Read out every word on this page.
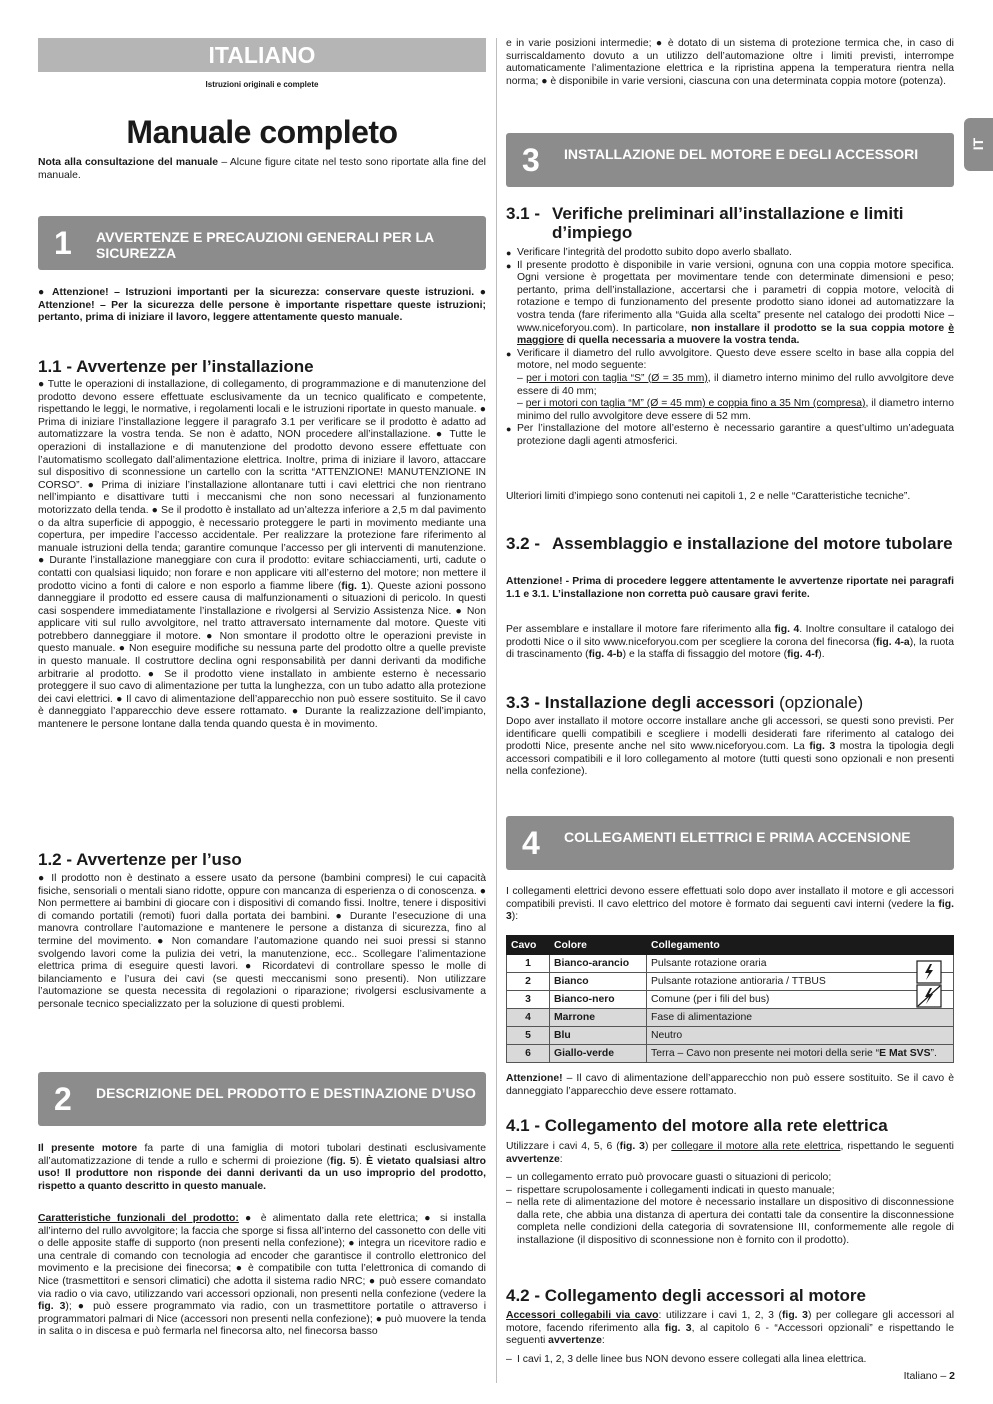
ITALIANO
Istruzioni originali e complete
Manuale completo	IT

Nota alla consultazione del manuale – Alcune figure citate nel testo sono riportate alla fine del manuale.

1 AVVERTENZE E PRECAUZIONI GENERALI PER LA SICUREZZA

● Attenzione! – Istruzioni importanti per la sicurezza: conservare queste istruzioni. ● Attenzione! – Per la sicurezza delle persone è importante rispettare queste istruzioni; pertanto, prima di iniziare il lavoro, leggere attentamente questo manuale.

1.1 - Avvertenze per l’installazione

● Tutte le operazioni di installazione, di collegamento, di programmazione e di manutenzione del prodotto devono essere effettuate esclusivamente da un tecnico qualificato e competente, rispettando le leggi, le normative, i regolamenti locali e le istruzioni riportate in questo manuale. ● Prima di iniziare l’installazione leggere il paragrafo 3.1 per verificare se il prodotto è adatto ad automatizzare la vostra tenda. Se non è adatto, NON procedere all’installazione. ● Tutte le operazioni di installazione e di manutenzione del prodotto devono essere effettuate con l’automatismo scollegato dall’alimentazione elettrica. Inoltre, prima di iniziare il lavoro, attaccare sul dispositivo di sconnessione un cartello con la scritta “ATTENZIONE! MANUTENZIONE IN CORSO”. ● Prima di iniziare l’installazione allontanare tutti i cavi elettrici che non rientrano nell’impianto e disattivare tutti i meccanismi che non sono necessari al funzionamento motorizzato della tenda. ● Se il prodotto è installato ad un’altezza inferiore a 2,5 m dal pavimento o da altra superficie di appoggio, è necessario proteggere le parti in movimento mediante una copertura, per impedire l’accesso accidentale. Per realizzare la protezione fare riferimento al manuale istruzioni della tenda; garantire comunque l’accesso per gli interventi di manutenzione. ● Durante l’installazione maneggiare con cura il prodotto: evitare schiacciamenti, urti, cadute o contatti con qualsiasi liquido; non forare e non applicare viti all’esterno del motore; non mettere il prodotto vicino a fonti di calore e non esporlo a fiamme libere (fig. 1). Queste azioni possono danneggiare il prodotto ed essere causa di malfunzionamenti o situazioni di pericolo. In questi casi sospendere immediatamente l’installazione e rivolgersi al Servizio Assistenza Nice. ● Non applicare viti sul rullo avvolgitore, nel tratto attraversato internamente dal motore. Queste viti potrebbero danneggiare il motore. ● Non smontare il prodotto oltre le operazioni previste in questo manuale. ● Non eseguire modifiche su nessuna parte del prodotto oltre a quelle previste in questo manuale. Il costruttore declina ogni responsabilità per danni derivanti da modifiche arbitrarie al prodotto. ● Se il prodotto viene installato in ambiente esterno è necessario proteggere il suo cavo di alimentazione per tutta la lunghezza, con un tubo adatto alla protezione dei cavi elettrici. ● Il cavo di alimentazione dell’apparecchio non può essere sostituito. Se il cavo è danneggiato l’apparecchio deve essere rottamato. ● Durante la realizzazione dell’impianto, mantenere le persone lontane dalla tenda quando questa è in movimento.

1.2 - Avvertenze per l’uso

● Il prodotto non è destinato a essere usato da persone (bambini compresi) le cui capacità fisiche, sensoriali o mentali siano ridotte, oppure con mancanza di esperienza o di conoscenza. ● Non permettere ai bambini di giocare con i dispositivi di comando fissi. Inoltre, tenere i dispositivi di comando portatili (remoti) fuori dalla portata dei bambini. ● Durante l’esecuzione di una manovra controllare l’automazione e mantenere le persone a distanza di sicurezza, fino al termine del movimento. ● Non comandare l’automazione quando nei suoi pressi si stanno svolgendo lavori come la pulizia dei vetri, la manutenzione, ecc.. Scollegare l’alimentazione elettrica prima di eseguire questi lavori. ● Ricordatevi di controllare spesso le molle di bilanciamento e l’usura dei cavi (se questi meccanismi sono presenti). Non utilizzare l’automazione se questa necessita di regolazioni o riparazione; rivolgersi esclusivamente a personale tecnico specializzato per la soluzione di questi problemi.

2 DESCRIZIONE DEL PRODOTTO E DESTINAZIONE D’USO

Il presente motore fa parte di una famiglia di motori tubolari destinati esclusivamente all’automatizzazione di tende a rullo e schermi di proiezione (fig. 5). È vietato qualsiasi altro uso! Il produttore non risponde dei danni derivanti da un uso improprio del prodotto, rispetto a quanto descritto in questo manuale.

Caratteristiche funzionali del prodotto: ● è alimentato dalla rete elettrica; ● si installa all’interno del rullo avvolgitore; la faccia che sporge si fissa all’interno del cassonetto con delle viti o delle apposite staffe di supporto (non presenti nella confezione); ● integra un ricevitore radio e una centrale di comando con tecnologia ad encoder che garantisce il controllo elettronico del movimento e la precisione dei finecorsa; ● è compatibile con tutta l’elettronica di comando di Nice (trasmettitori e sensori climatici) che adotta il sistema radio NRC; ● può essere comandato via radio o via cavo, utilizzando vari accessori opzionali, non presenti nella confezione (vedere la fig. 3); ● può essere programmato via radio, con un trasmettitore portatile o attraverso i programmatori palmari di Nice (accessori non presenti nella confezione); ● può muovere la tenda in salita o in discesa e può fermarla nel finecorsa alto, nel finecorsa basso

e in varie posizioni intermedie; ● è dotato di un sistema di protezione termica che, in caso di surriscaldamento dovuto a un utilizzo dell’automazione oltre i limiti previsti, interrompe automaticamente l’alimentazione elettrica e la ripristina appena la temperatura rientra nella norma; ● è disponibile in varie versioni, ciascuna con una determinata coppia motore (potenza).

3 INSTALLAZIONE DEL MOTORE E DEGLI ACCESSORI
3.1 - Verifiche preliminari all’installazione e limiti d’impiego

● Verificare l’integrità del prodotto subito dopo averlo sballato.

● Il presente prodotto è disponibile in varie versioni, ognuna con una coppia motore specifica. Ogni versione è progettata per movimentare tende con determinate dimensioni e peso; pertanto, prima dell’installazione, accertarsi che i parametri di coppia motore, velocità di rotazione e tempo di funzionamento del presente prodotto siano idonei ad automatizzare la vostra tenda (fare riferimento alla “Guida alla scelta” presente nel catalogo dei prodotti Nice – www.niceforyou.com). In particolare, non installare il prodotto se la sua coppia motore è maggiore di quella necessaria a muovere la vostra tenda.

● Verificare il diametro del rullo avvolgitore. Questo deve essere scelto in base alla coppia del motore, nel modo seguente:
– per i motori con taglia “S” (Ø = 35 mm), il diametro interno minimo del rullo avvolgitore deve essere di 40 mm;
– per i motori con taglia “M” (Ø = 45 mm) e coppia fino a 35 Nm (compresa), il diametro interno minimo del rullo avvolgitore deve essere di 52 mm.

● Per l’installazione del motore all’esterno è necessario garantire a quest’ultimo un’adeguata protezione dagli agenti atmosferici.

Ulteriori limiti d’impiego sono contenuti nei capitoli 1, 2 e nelle “Caratteristiche tecniche”.

3.2 - Assemblaggio e installazione del motore tubolare

Attenzione! - Prima di procedere leggere attentamente le avvertenze riportate nei paragrafi 1.1 e 3.1. L’installazione non corretta può causare gravi ferite.

Per assemblare e installare il motore fare riferimento alla fig. 4. Inoltre consultare il catalogo dei prodotti Nice o il sito www.niceforyou.com per scegliere la corona del finecorsa (fig. 4-a), la ruota di trascinamento (fig. 4-b) e la staffa di fissaggio del motore (fig. 4-f).

3.3 - Installazione degli accessori (opzionale)

Dopo aver installato il motore occorre installare anche gli accessori, se questi sono previsti. Per identificare quelli compatibili e scegliere i modelli desiderati fare riferimento al catalogo dei prodotti Nice, presente anche nel sito www.niceforyou.com. La fig. 3 mostra la tipologia degli accessori compatibili e il loro collegamento al motore (tutti questi sono opzionali e non presenti nella confezione).

4 COLLEGAMENTI ELETTRICI E PRIMA ACCENSIONE

I collegamenti elettrici devono essere effettuati solo dopo aver installato il motore e gli accessori compatibili previsti. Il cavo elettrico del motore è formato dai seguenti cavi interni (vedere la fig. 3):

Cavo	Colore	Collegamento
1	Bianco-arancio	Pulsante rotazione oraria
2	Bianco	Pulsante rotazione antioraria / TTBUS
3	Bianco-nero	Comune (per i fili del bus)
4	Marrone	Fase di alimentazione
5	Blu	Neutro
6	Giallo-verde	Terra – Cavo non presente nei motori della serie “E Mat SVS”.

Attenzione! – Il cavo di alimentazione dell’apparecchio non può essere sostituito. Se il cavo è danneggiato l’apparecchio deve essere rottamato.

4.1 - Collegamento del motore alla rete elettrica

Utilizzare i cavi 4, 5, 6 (fig. 3) per collegare il motore alla rete elettrica, rispettando le seguenti avvertenze:

– un collegamento errato può provocare guasti o situazioni di pericolo;

– rispettare scrupolosamente i collegamenti indicati in questo manuale;

– nella rete di alimentazione del motore è necessario installare un dispositivo di disconnessione dalla rete, che abbia una distanza di apertura dei contatti tale da consentire la disconnessione completa nelle condizioni della categoria di sovratensione III, conformemente alle regole di installazione (il dispositivo di sconnessione non è fornito con il prodotto).

4.2 - Collegamento degli accessori al motore

Accessori collegabili via cavo: utilizzare i cavi 1, 2, 3 (fig. 3) per collegare gli accessori al motore, facendo riferimento alla fig. 3, al capitolo 6 - “Accessori opzionali” e rispettando le seguenti avvertenze:

– I cavi 1, 2, 3 delle linee bus NON devono essere collegati alla linea elettrica.

Italiano – 2
